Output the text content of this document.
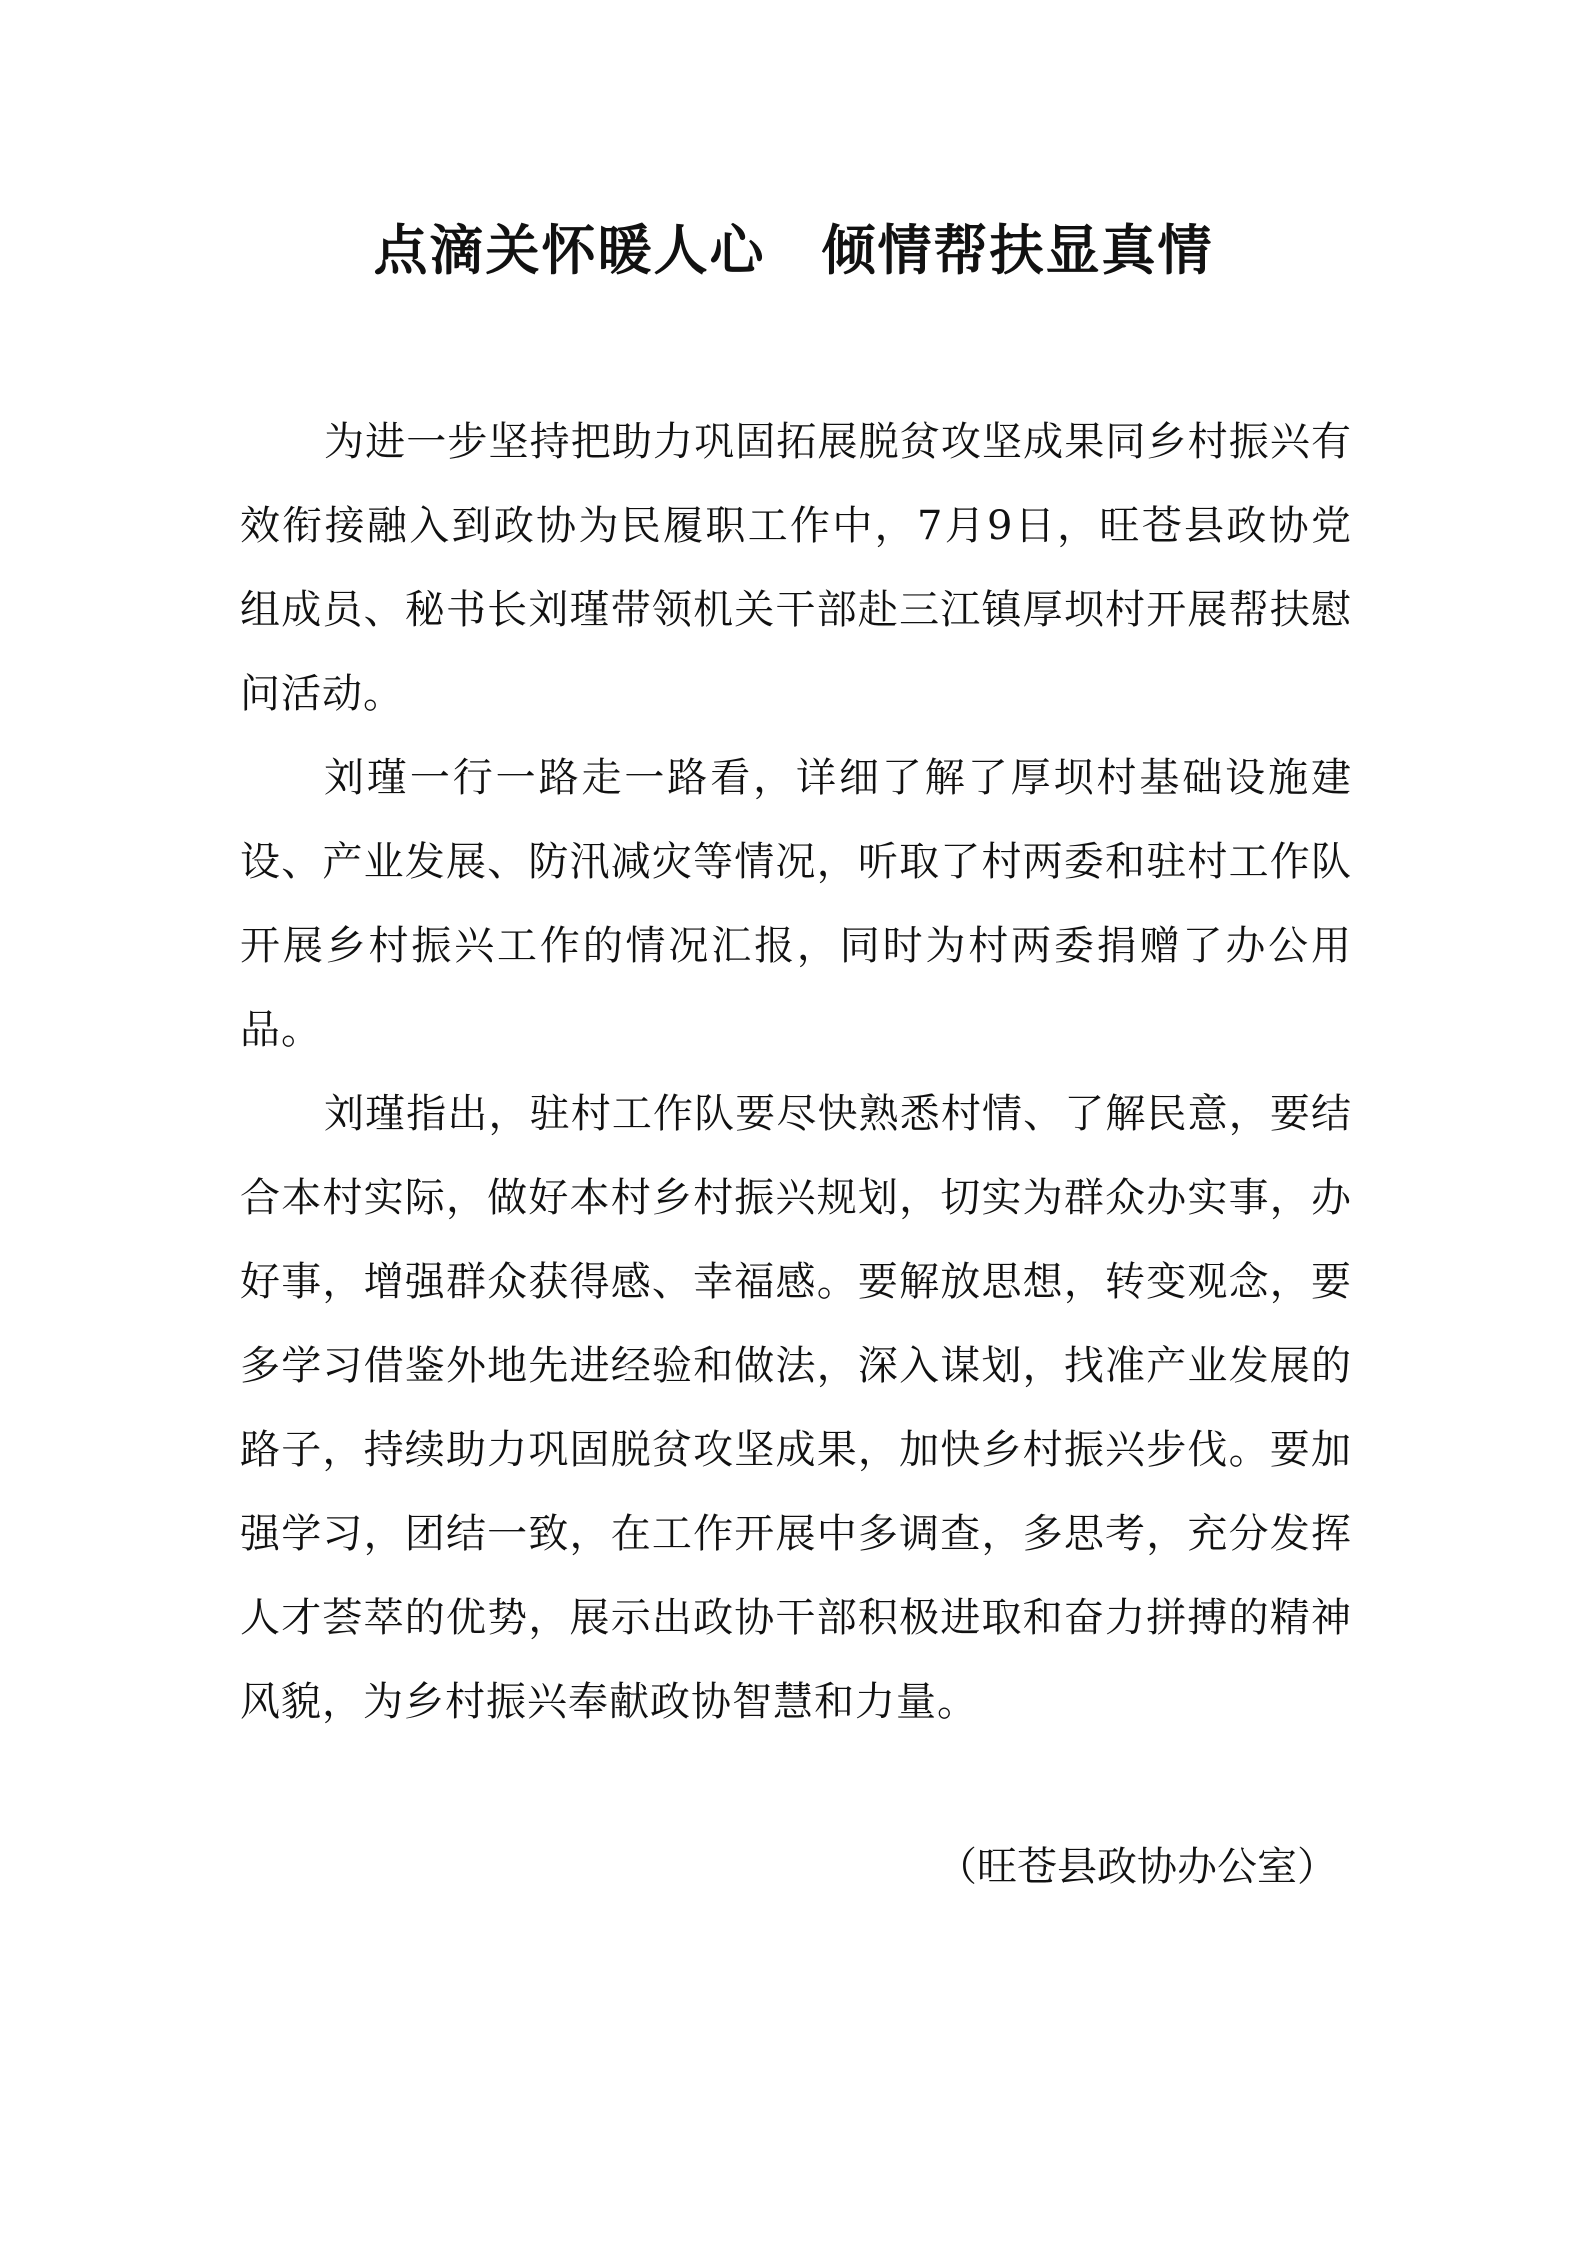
点滴关怀暖人心　倾情帮扶显真情

为进一步坚持把助力巩固拓展脱贫攻坚成果同乡村振兴有效衔接融入到政协为民履职工作中，7月9日，旺苍县政协党组成员、秘书长刘瑾带领机关干部赴三江镇厚坝村开展帮扶慰问活动。

刘瑾一行一路走一路看，详细了解了厚坝村基础设施建设、产业发展、防汛减灾等情况，听取了村两委和驻村工作队开展乡村振兴工作的情况汇报，同时为村两委捐赠了办公用品。

刘瑾指出，驻村工作队要尽快熟悉村情、了解民意，要结合本村实际，做好本村乡村振兴规划，切实为群众办实事，办好事，增强群众获得感、幸福感。要解放思想，转变观念，要多学习借鉴外地先进经验和做法，深入谋划，找准产业发展的路子，持续助力巩固脱贫攻坚成果，加快乡村振兴步伐。要加强学习，团结一致，在工作开展中多调查，多思考，充分发挥人才荟萃的优势，展示出政协干部积极进取和奋力拼搏的精神风貌，为乡村振兴奉献政协智慧和力量。

（旺苍县政协办公室）
